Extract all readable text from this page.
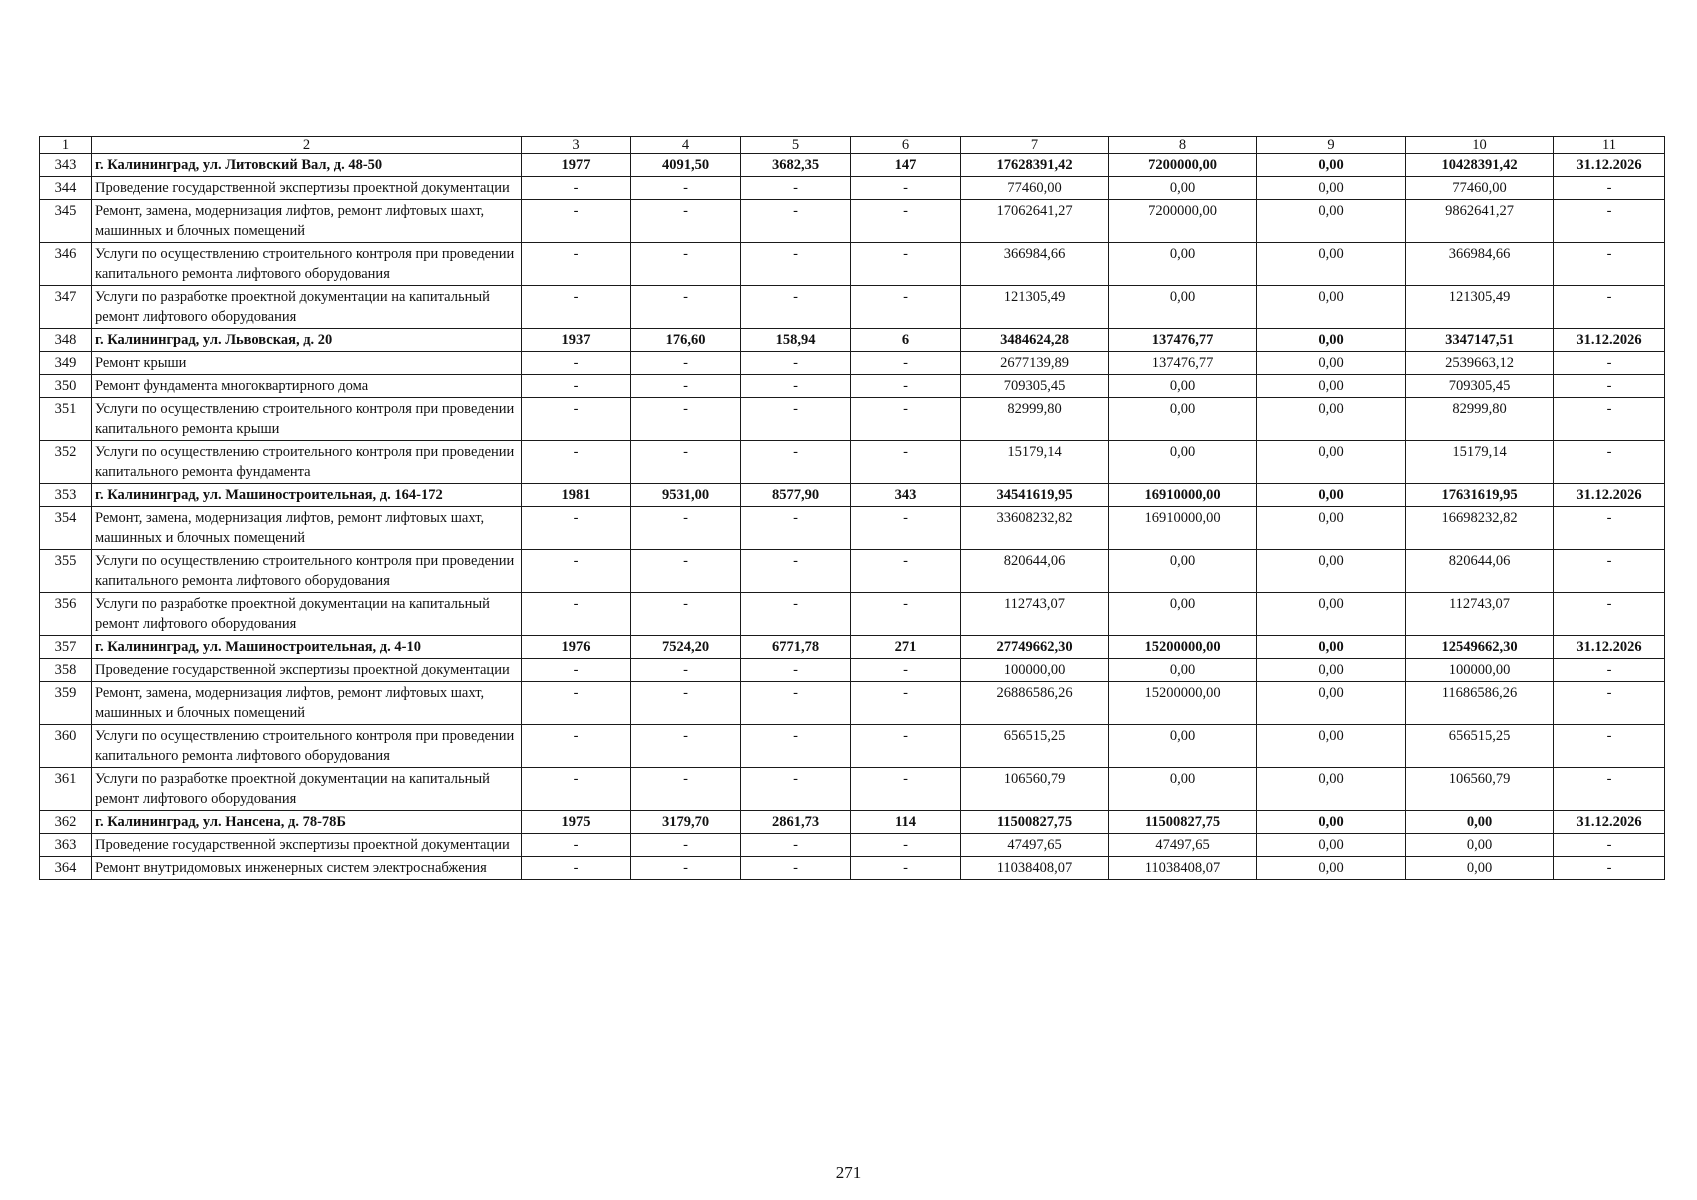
1	2	3	4	5	6	7	8	9	10	11
343	г. Калининград, ул. Литовский Вал, д. 48-50	1977	4091,50	3682,35	147	17628391,42	7200000,00	0,00	10428391,42	31.12.2026
344	Проведение государственной экспертизы проектной документации	-	-	-	-	77460,00	0,00	0,00	77460,00	-
345	Ремонт, замена, модернизация лифтов, ремонт лифтовых шахт, машинных и блочных помещений	-	-	-	-	17062641,27	7200000,00	0,00	9862641,27	-
346	Услуги по осуществлению строительного контроля при проведении капитального ремонта лифтового оборудования	-	-	-	-	366984,66	0,00	0,00	366984,66	-
347	Услуги по разработке проектной документации на капитальный ремонт лифтового оборудования	-	-	-	-	121305,49	0,00	0,00	121305,49	-
348	г. Калининград, ул. Львовская, д. 20	1937	176,60	158,94	6	3484624,28	137476,77	0,00	3347147,51	31.12.2026
349	Ремонт крыши	-	-	-	-	2677139,89	137476,77	0,00	2539663,12	-
350	Ремонт фундамента многоквартирного дома	-	-	-	-	709305,45	0,00	0,00	709305,45	-
351	Услуги по осуществлению строительного контроля при проведении капитального ремонта крыши	-	-	-	-	82999,80	0,00	0,00	82999,80	-
352	Услуги по осуществлению строительного контроля при проведении капитального ремонта фундамента	-	-	-	-	15179,14	0,00	0,00	15179,14	-
353	г. Калининград, ул. Машиностроительная, д. 164-172	1981	9531,00	8577,90	343	34541619,95	16910000,00	0,00	17631619,95	31.12.2026
354	Ремонт, замена, модернизация лифтов, ремонт лифтовых шахт, машинных и блочных помещений	-	-	-	-	33608232,82	16910000,00	0,00	16698232,82	-
355	Услуги по осуществлению строительного контроля при проведении капитального ремонта лифтового оборудования	-	-	-	-	820644,06	0,00	0,00	820644,06	-
356	Услуги по разработке проектной документации на капитальный ремонт лифтового оборудования	-	-	-	-	112743,07	0,00	0,00	112743,07	-
357	г. Калининград, ул. Машиностроительная, д. 4-10	1976	7524,20	6771,78	271	27749662,30	15200000,00	0,00	12549662,30	31.12.2026
358	Проведение государственной экспертизы проектной документации	-	-	-	-	100000,00	0,00	0,00	100000,00	-
359	Ремонт, замена, модернизация лифтов, ремонт лифтовых шахт, машинных и блочных помещений	-	-	-	-	26886586,26	15200000,00	0,00	11686586,26	-
360	Услуги по осуществлению строительного контроля при проведении капитального ремонта лифтового оборудования	-	-	-	-	656515,25	0,00	0,00	656515,25	-
361	Услуги по разработке проектной документации на капитальный ремонт лифтового оборудования	-	-	-	-	106560,79	0,00	0,00	106560,79	-
362	г. Калининград, ул. Нансена, д. 78-78Б	1975	3179,70	2861,73	114	11500827,75	11500827,75	0,00	0,00	31.12.2026
363	Проведение государственной экспертизы проектной документации	-	-	-	-	47497,65	47497,65	0,00	0,00	-
364	Ремонт внутридомовых инженерных систем электроснабжения	-	-	-	-	11038408,07	11038408,07	0,00	0,00	-
271
